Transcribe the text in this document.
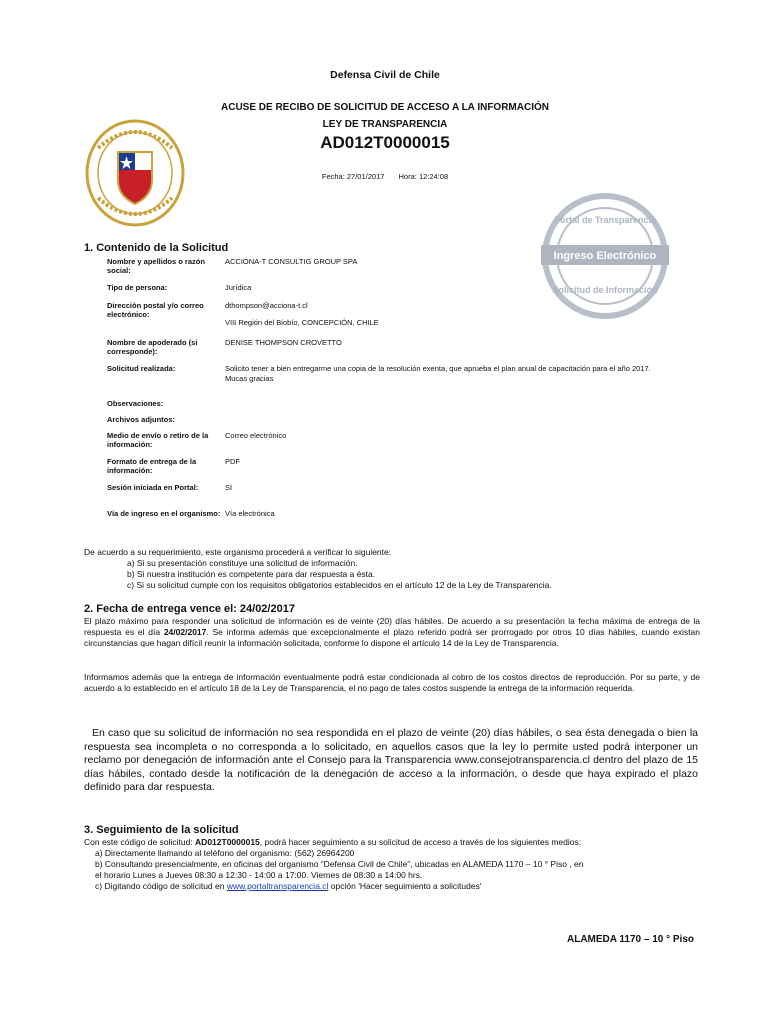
Defensa Civil de Chile
ACUSE DE RECIBO DE SOLICITUD DE ACCESO A LA INFORMACIÓN
LEY DE TRANSPARENCIA
AD012T0000015
Fecha: 27/01/2017 Hora: 12:24:08
Ingreso Electrónico
Portal de Transparencia
Solicitud de Información
1. Contenido de la Solicitud
Nombre y apellidos o razón social:	ACCIONA-T CONSULTIG GROUP SPA
Tipo de persona:	Jurídica
Dirección postal y/o correo electrónico:	dthompson@acciona-t.cl
VIII Región del Biobío, CONCEPCIÓN, CHILE

Nombre de apoderado (si corresponde):	DENISE THOMPSON CROVETTO
Solicitud realizada:	Solicito tener a bien entregarme una copia de la resolución exenta, que aprueba el plan anual de capacitación para el año 2017.
Mucas gracias

Observaciones:	
Archivos adjuntos:	
Medio de envío o retiro de la información:	Correo electrónico
Formato de entrega de la información:	PDF
Sesión iniciada en Portal:	SI
Vía de ingreso en el organismo:	Vía electrónica
De acuerdo a su requerimiento, este organismo procederá a verificar lo siguiente:
a) Si su presentación constituye una solicitud de información.
b) Si nuestra institución es competente para dar respuesta a ésta.
c) Si su solicitud cumple con los requisitos obligatorios establecidos en el artículo 12 de la Ley de Transparencia.
2. Fecha de entrega vence el: 24/02/2017
El plazo máximo para responder una solicitud de información es de veinte (20) días hábiles. De acuerdo a su presentación la fecha máxima de entrega de la respuesta es el día 24/02/2017. Se informa además que excepcionalmente el plazo referido podrá ser prorrogado por otros 10 días hábiles, cuando existan circunstancias que hagan difícil reunir la información solicitada, conforme lo dispone el artículo 14 de la Ley de Transparencia.
Informamos además que la entrega de información eventualmente podrá estar condicionada al cobro de los costos directos de reproducción. Por su parte, y de acuerdo a lo establecido en el artículo 18 de la Ley de Transparencia, el no pago de tales costos suspende la entrega de la información requerida.
En caso que su solicitud de información no sea respondida en el plazo de veinte (20) días hábiles, o sea ésta denegada o bien la respuesta sea incompleta o no corresponda a lo solicitado, en aquellos casos que la ley lo permite usted podrá interponer un reclamo por denegación de información ante el Consejo para la Transparencia www.consejotransparencia.cl dentro del plazo de 15 días hábiles, contado desde la notificación de la denegación de acceso a la información, o desde que haya expirado el plazo definido para dar respuesta.
3. Seguimiento de la solicitud
Con este código de solicitud: AD012T0000015, podrá hacer seguimiento a su solicitud de acceso a través de los siguientes medios:
a) Directamente llamando al teléfono del organismo: (562) 26964200
b) Consultando presencialmente, en oficinas del organismo “Defensa Civil de Chile”, ubicadas en ALAMEDA 1170 – 10 ° Piso , en
el horario Lunes a Jueves 08:30 a 12:30 - 14:00 a 17:00. Viernes de 08:30 a 14:00 hrs.
c) Digitando código de solicitud en www.portaltransparencia.cl opción 'Hacer seguimiento a solicitudes'
ALAMEDA 1170 – 10 ° Piso
